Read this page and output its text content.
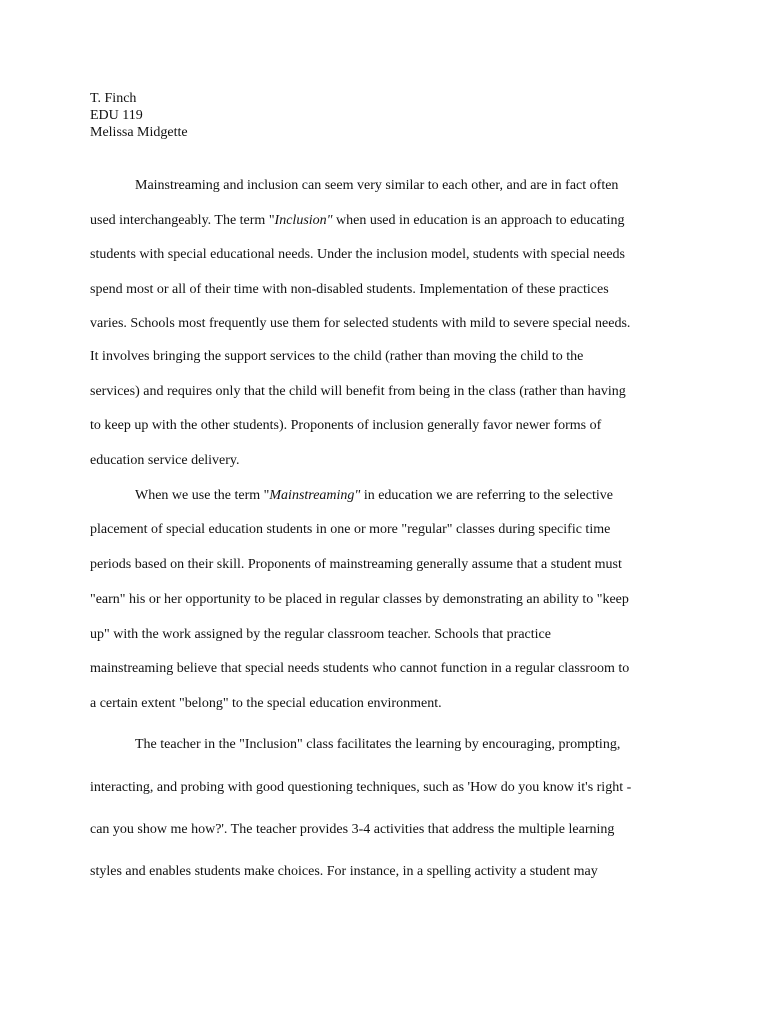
T. Finch
EDU 119
Melissa Midgette
Mainstreaming and inclusion can seem very similar to each other, and are in fact often
used interchangeably. The term "Inclusion" when used in education is an approach to educating
students with special educational needs. Under the inclusion model, students with special needs
spend most or all of their time with non-disabled students. Implementation of these practices
varies. Schools most frequently use them for selected students with mild to severe special needs.
It involves bringing the support services to the child (rather than moving the child to the
services) and requires only that the child will benefit from being in the class (rather than having
to keep up with the other students). Proponents of inclusion generally favor newer forms of
education service delivery.
When we use the term "Mainstreaming" in education we are referring to the selective
placement of special education students in one or more "regular" classes during specific time
periods based on their skill. Proponents of mainstreaming generally assume that a student must
"earn" his or her opportunity to be placed in regular classes by demonstrating an ability to "keep
up" with the work assigned by the regular classroom teacher. Schools that practice
mainstreaming believe that special needs students who cannot function in a regular classroom to
a certain extent "belong" to the special education environment.
The teacher in the "Inclusion" class facilitates the learning by encouraging, prompting,
interacting, and probing with good questioning techniques, such as 'How do you know it's right -
can you show me how?'. The teacher provides 3-4 activities that address the multiple learning
styles and enables students make choices. For instance, in a spelling activity a student may
